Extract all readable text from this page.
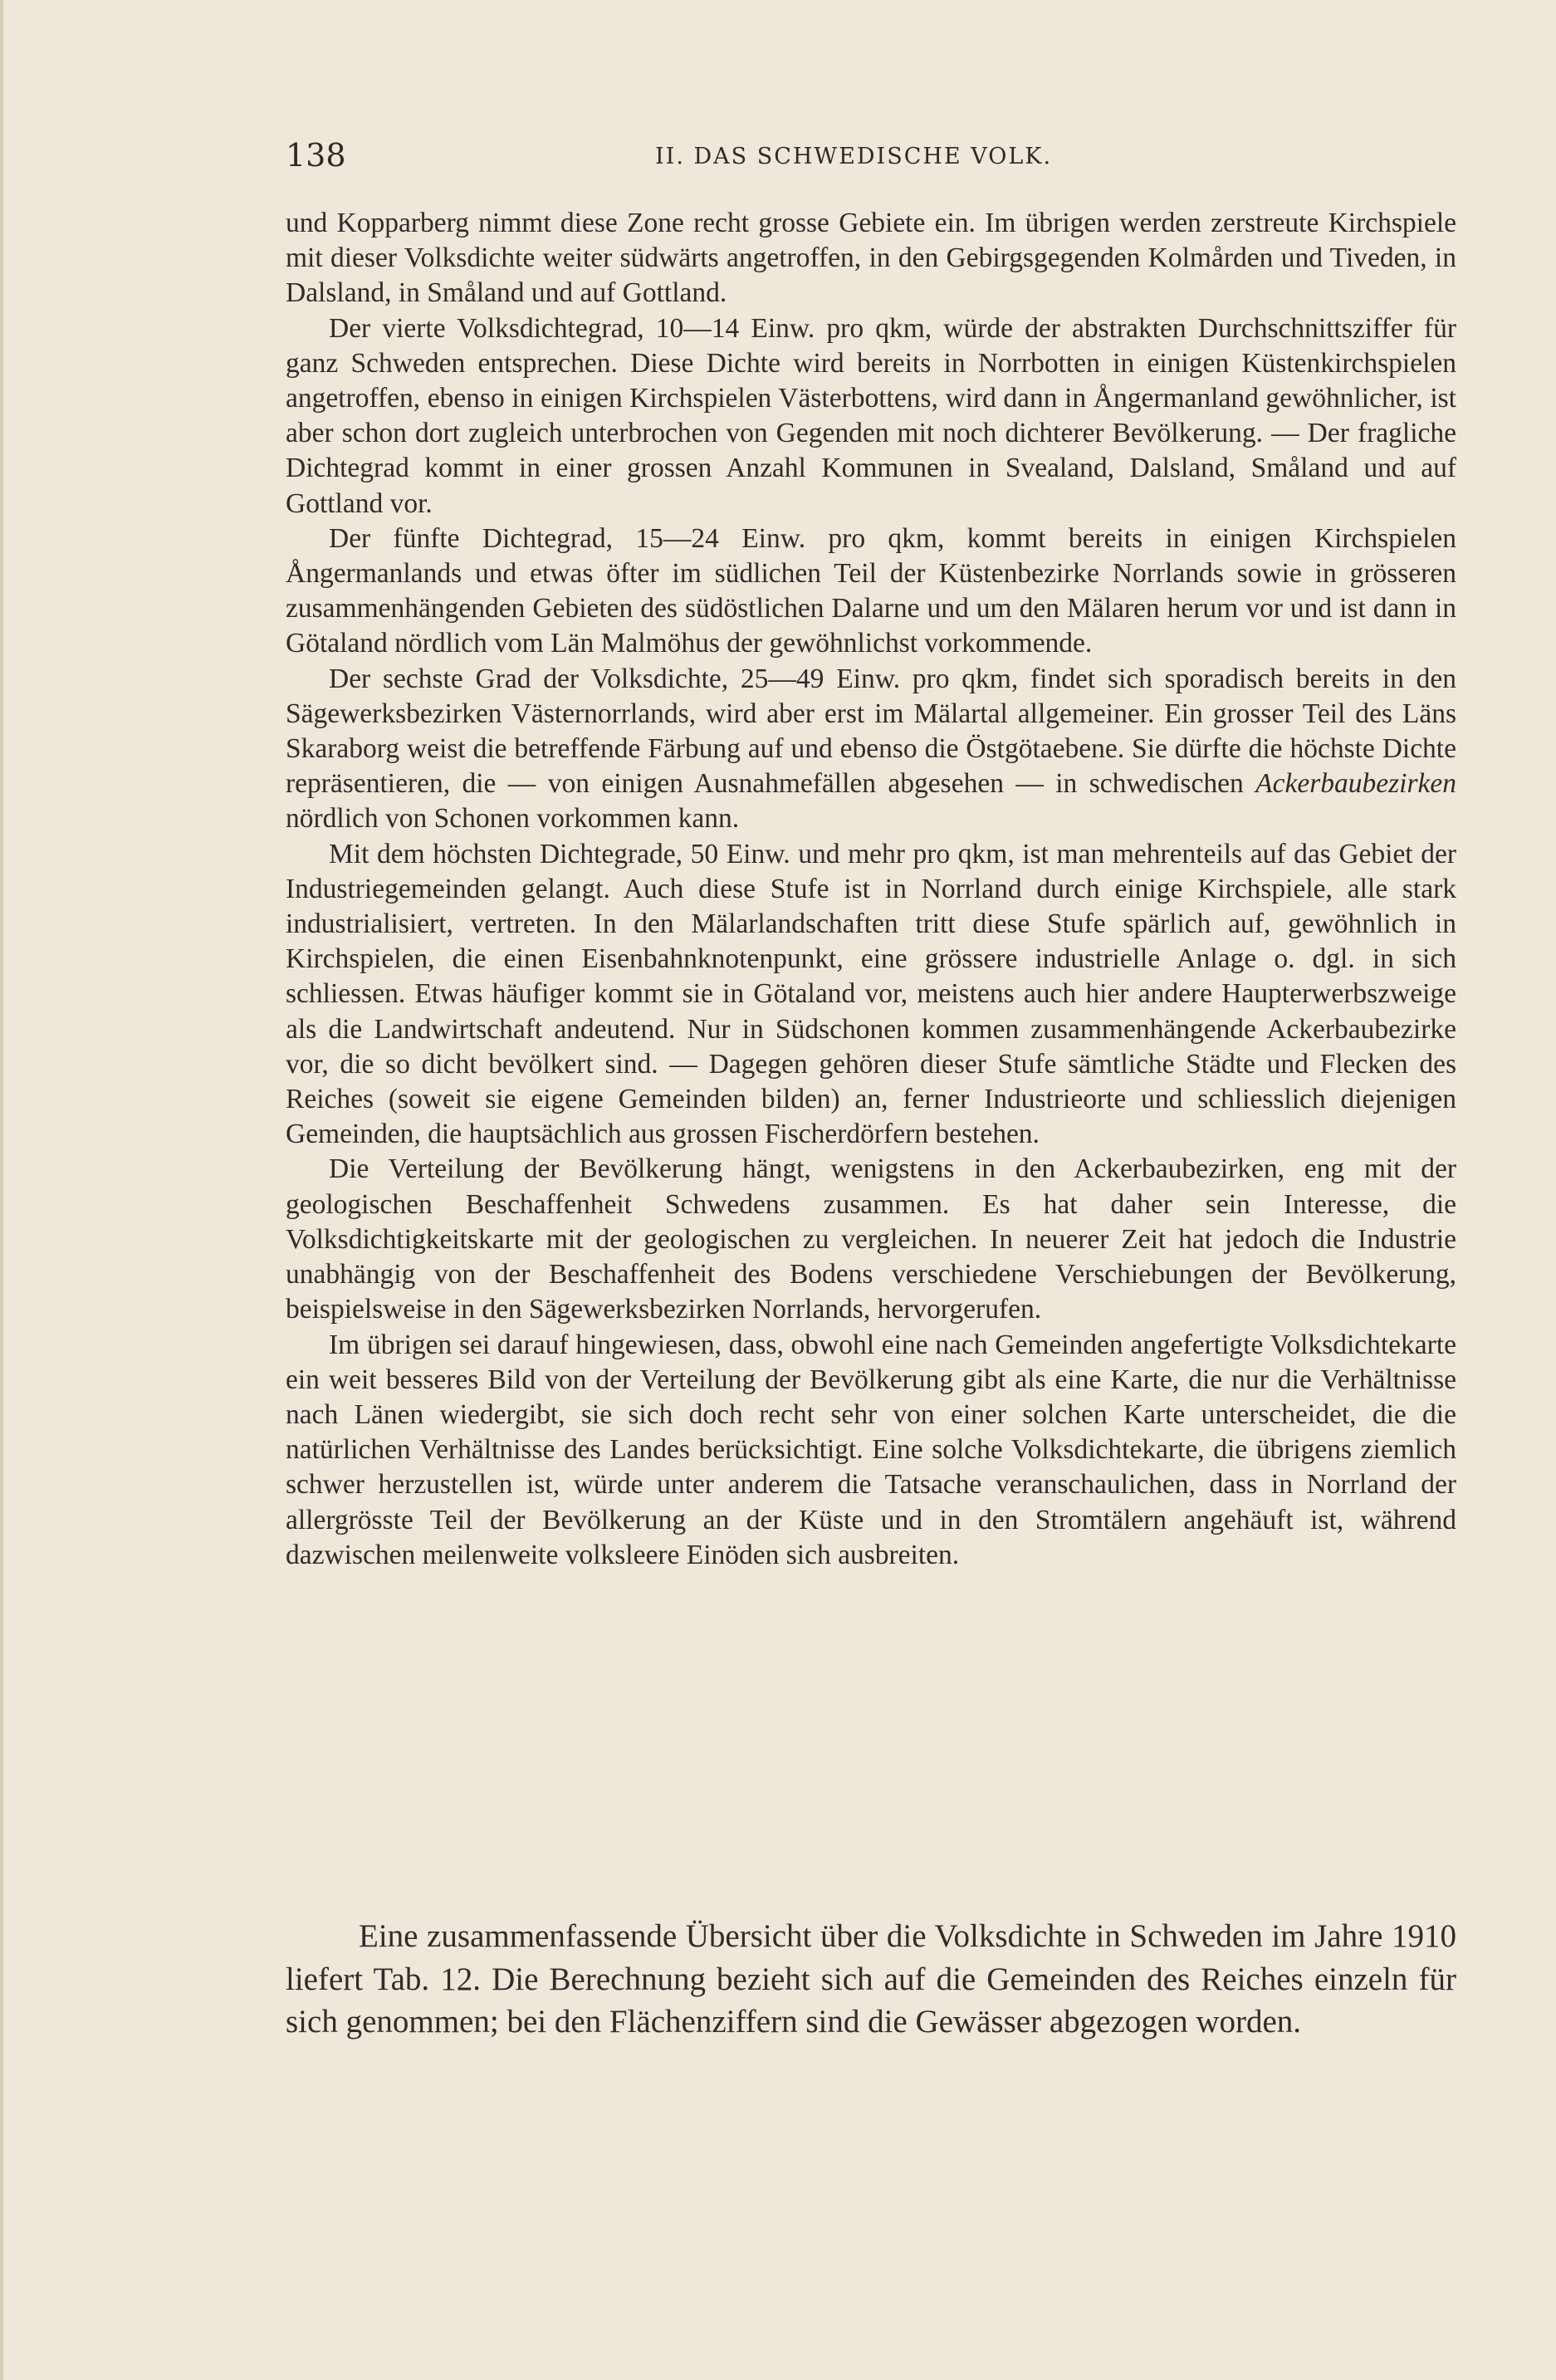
138	II. DAS SCHWEDISCHE VOLK.

und Kopparberg nimmt diese Zone recht grosse Gebiete ein. Im übrigen werden zerstreute Kirchspiele mit dieser Volksdichte weiter südwärts angetroffen, in den Gebirgsgegenden Kolmården und Tiveden, in Dalsland, in Småland und auf Gottland.

Der vierte Volksdichtegrad, 10—14 Einw. pro qkm, würde der abstrakten Durchschnittsziffer für ganz Schweden entsprechen. Diese Dichte wird bereits in Norrbotten in einigen Küstenkirchspielen angetroffen, ebenso in einigen Kirchspielen Västerbottens, wird dann in Ångermanland gewöhnlicher, ist aber schon dort zugleich unterbrochen von Gegenden mit noch dichterer Bevölkerung. — Der fragliche Dichtegrad kommt in einer grossen Anzahl Kommunen in Svealand, Dalsland, Småland und auf Gottland vor.

Der fünfte Dichtegrad, 15—24 Einw. pro qkm, kommt bereits in einigen Kirchspielen Ångermanlands und etwas öfter im südlichen Teil der Küstenbezirke Norrlands sowie in grösseren zusammenhängenden Gebieten des südöstlichen Dalarne und um den Mälaren herum vor und ist dann in Götaland nördlich vom Län Malmöhus der gewöhnlichst vorkommende.

Der sechste Grad der Volksdichte, 25—49 Einw. pro qkm, findet sich sporadisch bereits in den Sägewerksbezirken Västernorrlands, wird aber erst im Mälartal allgemeiner. Ein grosser Teil des Läns Skaraborg weist die betreffende Färbung auf und ebenso die Östgötaebene. Sie dürfte die höchste Dichte repräsentieren, die — von einigen Ausnahmefällen abgesehen — in schwedischen Ackerbaubezirken nördlich von Schonen vorkommen kann.

Mit dem höchsten Dichtegrade, 50 Einw. und mehr pro qkm, ist man mehrenteils auf das Gebiet der Industriegemeinden gelangt. Auch diese Stufe ist in Norrland durch einige Kirchspiele, alle stark industrialisiert, vertreten. In den Mälarlandschaften tritt diese Stufe spärlich auf, gewöhnlich in Kirchspielen, die einen Eisenbahnknotenpunkt, eine grössere industrielle Anlage o. dgl. in sich schliessen. Etwas häufiger kommt sie in Götaland vor, meistens auch hier andere Haupterwerbszweige als die Landwirtschaft andeutend. Nur in Südschonen kommen zusammenhängende Ackerbaubezirke vor, die so dicht bevölkert sind. — Dagegen gehören dieser Stufe sämtliche Städte und Flecken des Reiches (soweit sie eigene Gemeinden bilden) an, ferner Industrieorte und schliesslich diejenigen Gemeinden, die hauptsächlich aus grossen Fischerdörfern bestehen.

Die Verteilung der Bevölkerung hängt, wenigstens in den Ackerbaubezirken, eng mit der geologischen Beschaffenheit Schwedens zusammen. Es hat daher sein Interesse, die Volksdichtigkeitskarte mit der geologischen zu vergleichen. In neuerer Zeit hat jedoch die Industrie unabhängig von der Beschaffenheit des Bodens verschiedene Verschiebungen der Bevölkerung, beispielsweise in den Sägewerksbezirken Norrlands, hervorgerufen.

Im übrigen sei darauf hingewiesen, dass, obwohl eine nach Gemeinden angefertigte Volksdichtekarte ein weit besseres Bild von der Verteilung der Bevölkerung gibt als eine Karte, die nur die Verhältnisse nach Länen wiedergibt, sie sich doch recht sehr von einer solchen Karte unterscheidet, die die natürlichen Verhältnisse des Landes berücksichtigt. Eine solche Volksdichtekarte, die übrigens ziemlich schwer herzustellen ist, würde unter anderem die Tatsache veranschaulichen, dass in Norrland der allergrösste Teil der Bevölkerung an der Küste und in den Stromtälern angehäuft ist, während dazwischen meilenweite volksleere Einöden sich ausbreiten.

Eine zusammenfassende Übersicht über die Volksdichte in Schweden im Jahre 1910 liefert Tab. 12. Die Berechnung bezieht sich auf die Gemeinden des Reiches einzeln für sich genommen; bei den Flächenziffern sind die Gewässer abgezogen worden.
